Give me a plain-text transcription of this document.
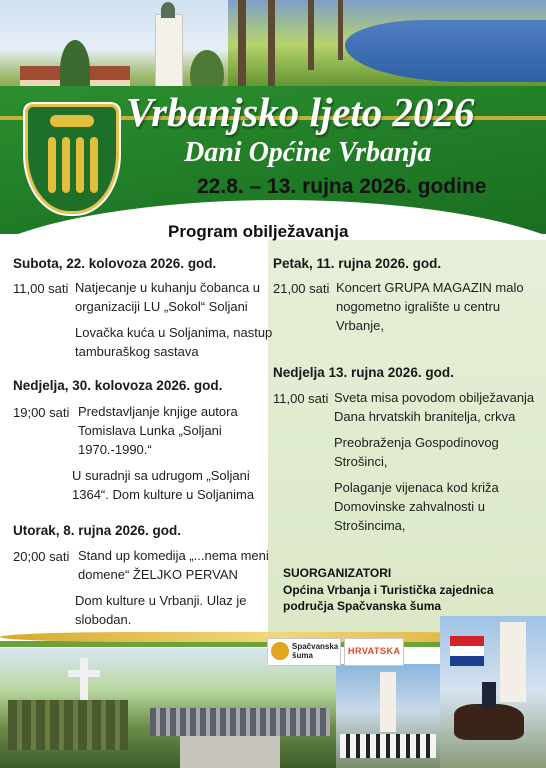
Vrbanjsko ljeto 2026
Dani Općine Vrbanja
22.8. – 13. rujna 2026. godine
Program obilježavanja
Subota, 22. kolovoza 2026. god.
11,00 sati Natjecanje u kuhanju čobanca u
organizaciji LU „Sokol“ Soljani
Lovačka kuća u Soljanima, nastup
tamburaškog sastava
Nedjelja, 30. kolovoza 2026. god.
19;00 sati Predstavljanje knjige autora
Tomislava Lunka „Soljani
1970.-1990.“
U suradnji sa udrugom „Soljani
1364“. Dom kulture u Soljanima
Utorak, 8. rujna 2026. god.
20;00 sati Stand up komedija „...nema meni
domene“ ŽELJKO PERVAN
Dom kulture u Vrbanji. Ulaz je
slobodan.
Petak, 11. rujna 2026. god.
21,00 sati Koncert GRUPA MAGAZIN malo
nogometno igralište u centru
Vrbanje,
Nedjelja 13. rujna 2026. god.
11,00 sati Sveta misa povodom obilježavanja
Dana hrvatskih branitelja, crkva
Preobraženja Gospodinovog
Strošinci,
Polaganje vijenaca kod križa
Domovinske zahvalnosti u
Strošincima,
SUORGANIZATORI
Općina Vrbanja i Turistička zajednica
područja Spačvanska šuma
Spačvanska
šuma	HRVATSKA
